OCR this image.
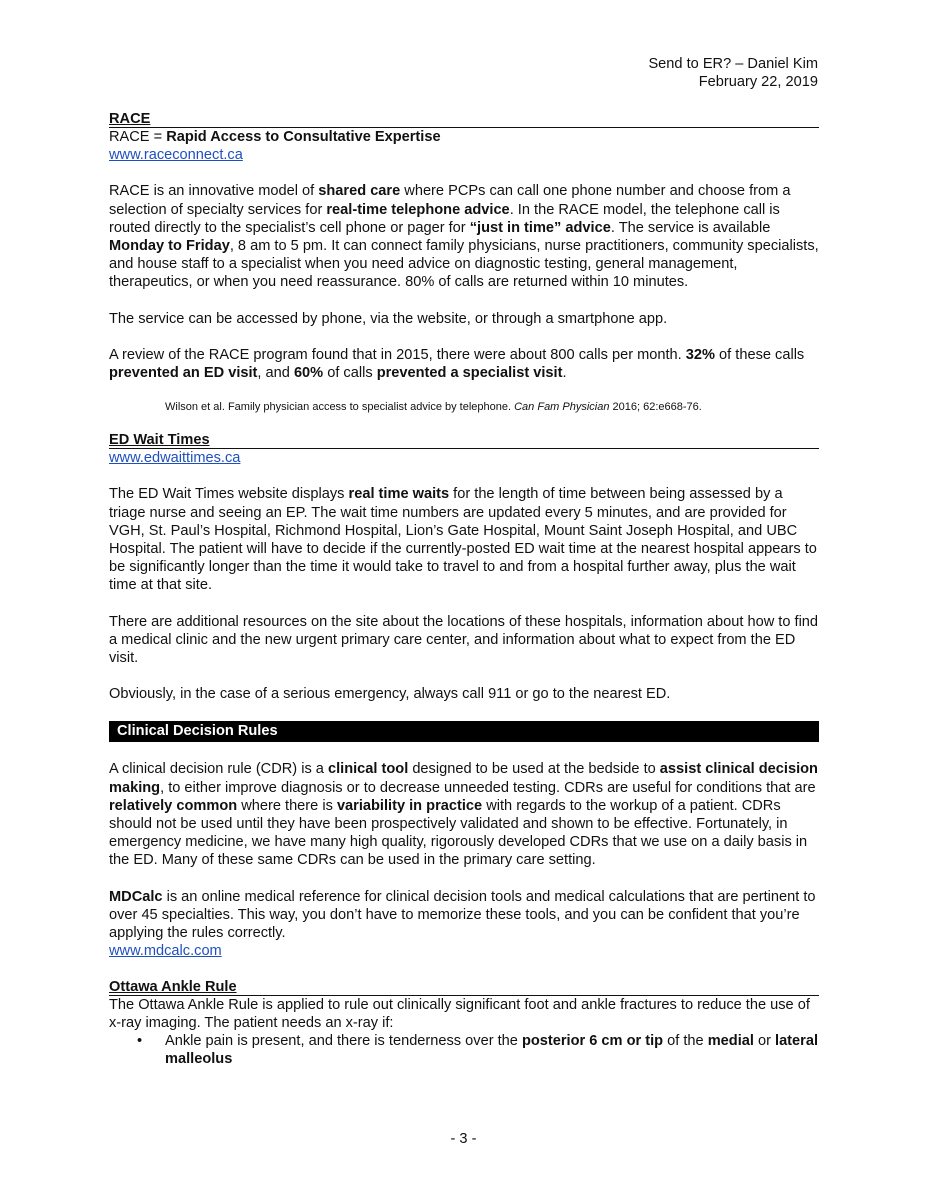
Send to ER? – Daniel Kim
February 22, 2019
RACE

RACE = Rapid Access to Consultative Expertise

www.raceconnect.ca

RACE is an innovative model of shared care where PCPs can call one phone number and choose from a selection of specialty services for real-time telephone advice. In the RACE model, the telephone call is routed directly to the specialist’s cell phone or pager for “just in time” advice. The service is available Monday to Friday, 8 am to 5 pm. It can connect family physicians, nurse practitioners, community specialists, and house staff to a specialist when you need advice on diagnostic testing, general management, therapeutics, or when you need reassurance. 80% of calls are returned within 10 minutes.

The service can be accessed by phone, via the website, or through a smartphone app.

A review of the RACE program found that in 2015, there were about 800 calls per month. 32% of these calls prevented an ED visit, and 60% of calls prevented a specialist visit.

Wilson et al. Family physician access to specialist advice by telephone. Can Fam Physician 2016; 62:e668-76.

ED Wait Times

www.edwaittimes.ca

The ED Wait Times website displays real time waits for the length of time between being assessed by a triage nurse and seeing an EP. The wait time numbers are updated every 5 minutes, and are provided for VGH, St. Paul’s Hospital, Richmond Hospital, Lion’s Gate Hospital, Mount Saint Joseph Hospital, and UBC Hospital. The patient will have to decide if the currently-posted ED wait time at the nearest hospital appears to be significantly longer than the time it would take to travel to and from a hospital further away, plus the wait time at that site.

There are additional resources on the site about the locations of these hospitals, information about how to find a medical clinic and the new urgent primary care center, and information about what to expect from the ED visit.

Obviously, in the case of a serious emergency, always call 911 or go to the nearest ED.

Clinical Decision Rules

A clinical decision rule (CDR) is a clinical tool designed to be used at the bedside to assist clinical decision making, to either improve diagnosis or to decrease unneeded testing. CDRs are useful for conditions that are relatively common where there is variability in practice with regards to the workup of a patient. CDRs should not be used until they have been prospectively validated and shown to be effective. Fortunately, in emergency medicine, we have many high quality, rigorously developed CDRs that we use on a daily basis in the ED. Many of these same CDRs can be used in the primary care setting.

MDCalc is an online medical reference for clinical decision tools and medical calculations that are pertinent to over 45 specialties. This way, you don’t have to memorize these tools, and you can be confident that you’re applying the rules correctly.

www.mdcalc.com

Ottawa Ankle Rule

The Ottawa Ankle Rule is applied to rule out clinically significant foot and ankle fractures to reduce the use of x-ray imaging. The patient needs an x-ray if:

• Ankle pain is present, and there is tenderness over the posterior 6 cm or tip of the medial or lateral malleolus
- 3 -
